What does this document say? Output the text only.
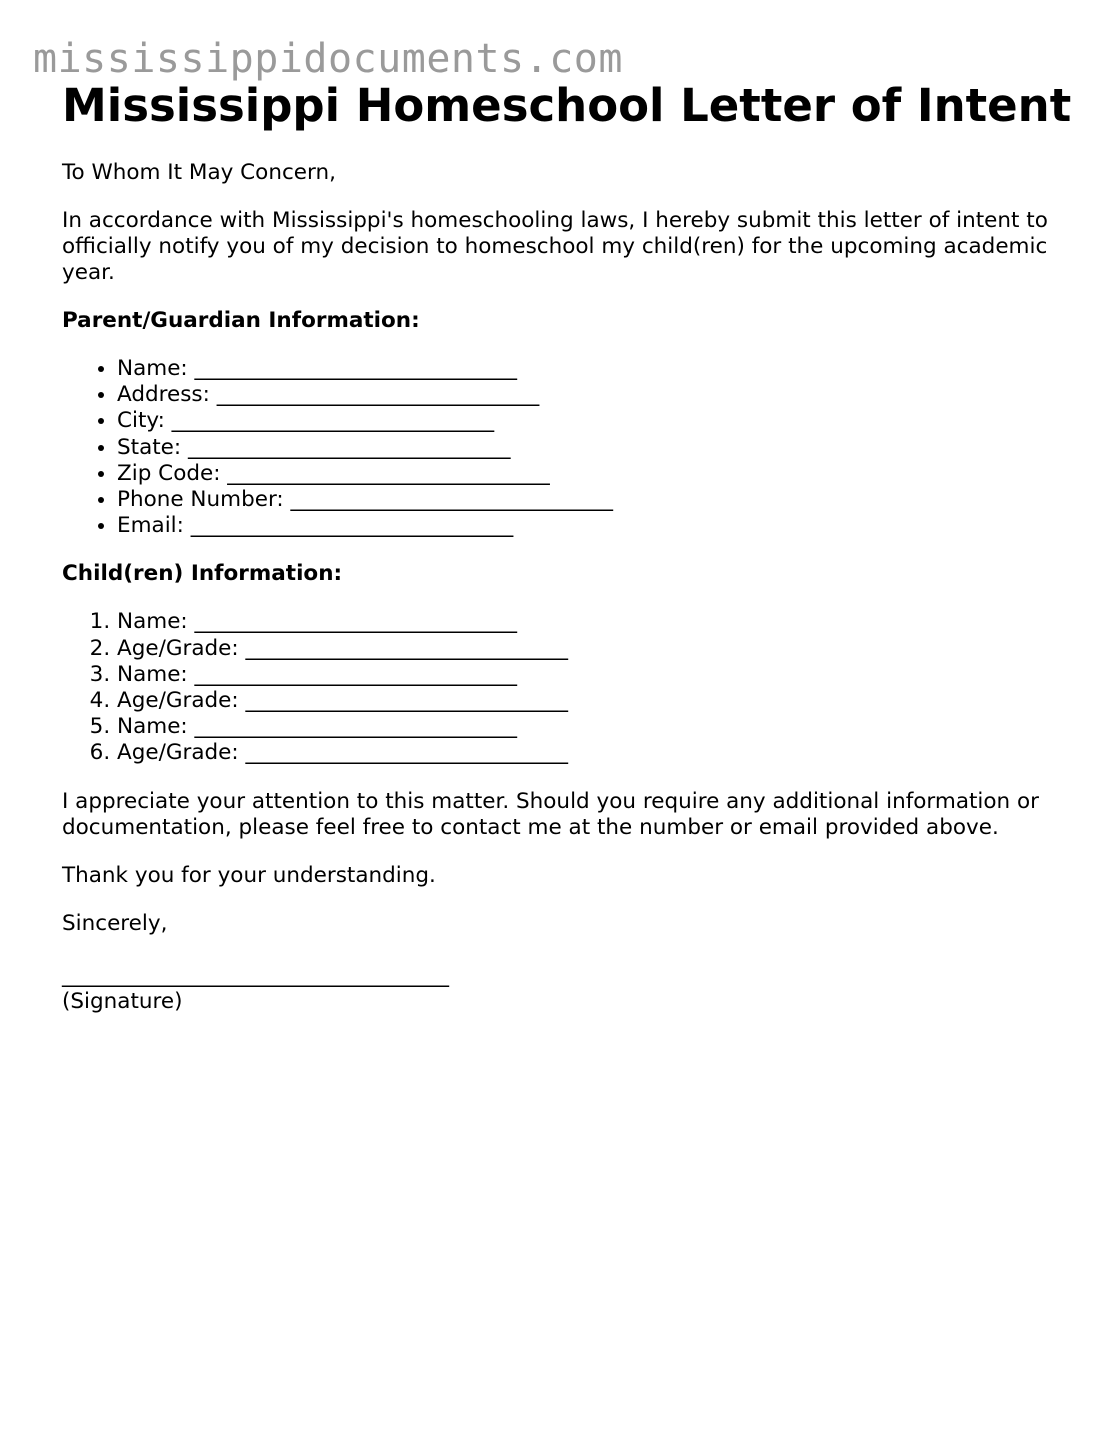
mississippidocuments.com
Mississippi Homeschool Letter of Intent

To Whom It May Concern,

In accordance with Mississippi's homeschooling laws, I hereby submit this letter of intent to officially notify you of my decision to homeschool my child(ren) for the upcoming academic year.

Parent/Guardian Information:

• Name: ______________________________
• Address: ______________________________
• City: ______________________________
• State: ______________________________
• Zip Code: ______________________________
• Phone Number: ______________________________
• Email: ______________________________

Child(ren) Information:

1. Name: ______________________________
2. Age/Grade: ______________________________
3. Name: ______________________________
4. Age/Grade: ______________________________
5. Name: ______________________________
6. Age/Grade: ______________________________

I appreciate your attention to this matter. Should you require any additional information or documentation, please feel free to contact me at the number or email provided above.

Thank you for your understanding.

Sincerely,

____________________________________

(Signature)
